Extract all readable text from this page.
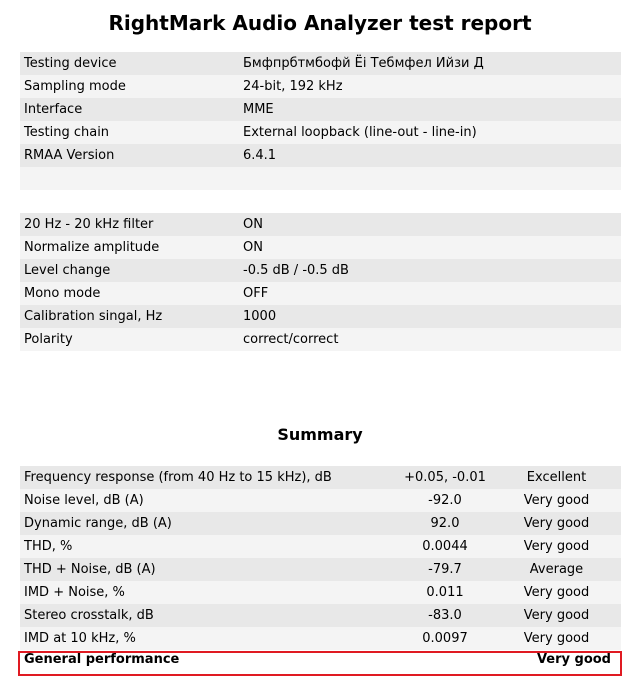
RightMark Audio Analyzer test report
Testing device	Бмфпрбтмбофй Ёі Тебмфел Ийзи Д
Sampling mode	24-bit, 192 kHz
Interface	MME
Testing chain	External loopback (line-out - line-in)
RMAA Version	6.4.1

20 Hz - 20 kHz filter	ON
Normalize amplitude	ON
Level change	-0.5 dB / -0.5 dB
Mono mode	OFF
Calibration singal, Hz	1000
Polarity	correct/correct
Summary
Frequency response (from 40 Hz to 15 kHz), dB	+0.05, -0.01	Excellent
Noise level, dB (A)	-92.0	Very good
Dynamic range, dB (A)	92.0	Very good
THD, %	0.0044	Very good
THD + Noise, dB (A)	-79.7	Average
IMD + Noise, %	0.011	Very good
Stereo crosstalk, dB	-83.0	Very good
IMD at 10 kHz, %	0.0097	Very good
General performance		Very good
